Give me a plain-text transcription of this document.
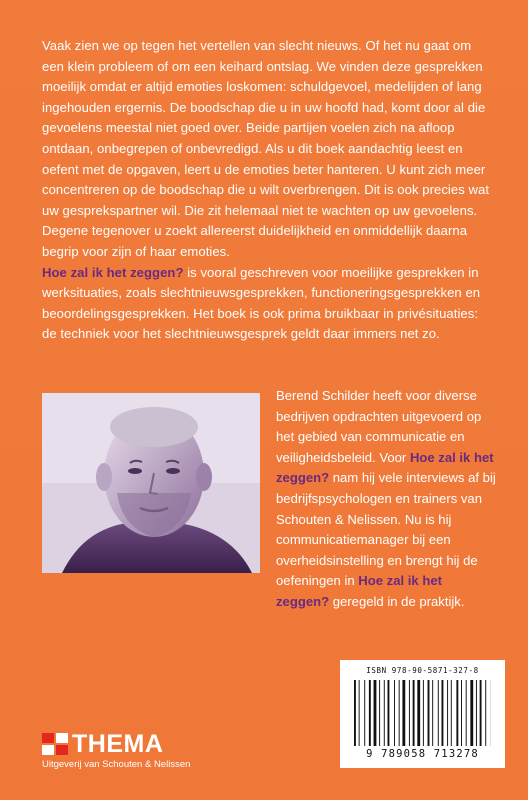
Vaak zien we op tegen het vertellen van slecht nieuws. Of het nu gaat om een klein probleem of om een keihard ontslag. We vinden deze gesprekken moeilijk omdat er altijd emoties loskomen: schuldgevoel, medelijden of lang ingehouden ergernis. De boodschap die u in uw hoofd had, komt door al die gevoelens meestal niet goed over. Beide partijen voelen zich na afloop ontdaan, onbegrepen of onbevredigd. Als u dit boek aandachtig leest en oefent met de opgaven, leert u de emoties beter hanteren. U kunt zich meer concentreren op de boodschap die u wilt overbrengen. Dit is ook precies wat uw gesprekspartner wil. Die zit helemaal niet te wachten op uw gevoelens. Degene tegenover u zoekt allereerst duidelijkheid en onmiddellijk daarna begrip voor zijn of haar emoties.
Hoe zal ik het zeggen? is vooral geschreven voor moeilijke gesprekken in werksituaties, zoals slechtnieuwsgesprekken, functioneringsgesprekken en beoordelingsgesprekken. Het boek is ook prima bruikbaar in privésituaties: de techniek voor het slechtnieuwsgesprek geldt daar immers net zo.

Berend Schilder heeft voor diverse bedrijven opdrachten uitgevoerd op het gebied van communicatie en veiligheidsbeleid. Voor Hoe zal ik het zeggen? nam hij vele interviews af bij bedrijfspsychologen en trainers van Schouten & Nelissen. Nu is hij communicatiemanager bij een overheidsinstelling en brengt hij de oefeningen in Hoe zal ik het zeggen? geregeld in de praktijk.
ISBN 978-90-5871-327-8
9 789058 713278
THEMA
Uitgeverij van Schouten & Nelissen
